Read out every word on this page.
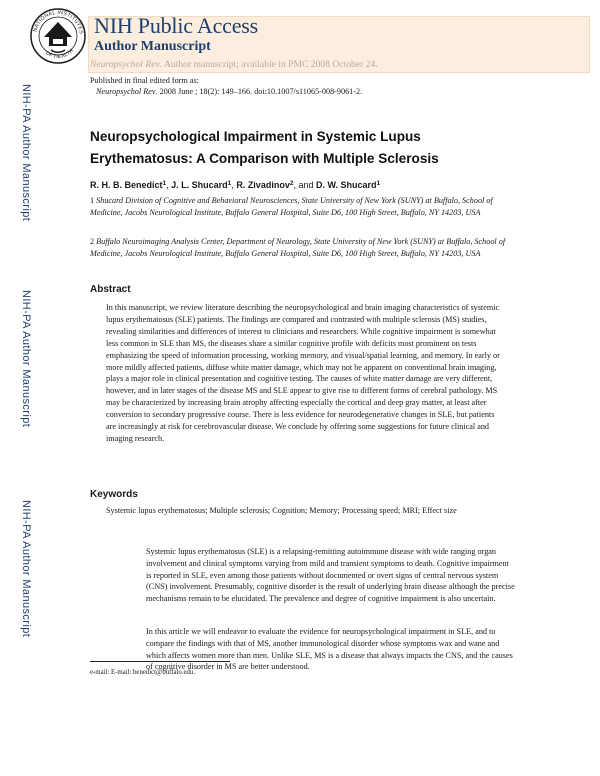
NATIONAL INSTITUTES
OF HEALTH
NIH Public Access
Author Manuscript
Neuropsychol Rev. Author manuscript; available in PMC 2008 October 24.
Published in final edited form as:
Neuropsychol Rev. 2008 June ; 18(2): 149–166. doi:10.1007/s11065-008-9061-2.
NIH-PA Author Manuscript
NIH-PA Author Manuscript
NIH-PA Author Manuscript
Neuropsychological Impairment in Systemic Lupus
Erythematosus: A Comparison with Multiple Sclerosis
R. H. B. Benedict$^1$, J. L. Shucard$^1$, R. Zivadinov$^2$, and D. W. Shucard$^1$
1 Shucard Division of Cognitive and Behavioral Neurosciences, State University of New York (SUNY) at Buffalo, School of Medicine, Jacobs Neurological Institute, Buffalo General Hospital, Suite D6, 100 High Street, Buffalo, NY 14203, USA
2 Buffalo Neuroimaging Analysis Center, Department of Neurology, State University of New York (SUNY) at Buffalo, School of Medicine, Jacobs Neurological Institute, Buffalo General Hospital, Suite D6, 100 High Street, Buffalo, NY 14203, USA
Abstract
In this manuscript, we review literature describing the neuropsychological and brain imaging characteristics of systemic lupus erythematosus (SLE) patients. The findings are compared and contrasted with multiple sclerosis (MS) studies, revealing similarities and differences of interest to clinicians and researchers. While cognitive impairment is somewhat less common in SLE than MS, the diseases share a similar cognitive profile with deficits most prominent on tests emphasizing the speed of information processing, working memory, and visual/spatial learning, and memory. In early or more mildly affected patients, diffuse white matter damage, which may not be apparent on conventional brain imaging, plays a major role in clinical presentation and cognitive testing. The causes of white matter damage are very different, however, and in later stages of the disease MS and SLE appear to give rise to different forms of cerebral pathology. MS may be characterized by increasing brain atrophy affecting especially the cortical and deep gray matter, at least after conversion to secondary progressive course. There is less evidence for neurodegenerative changes in SLE, but patients are increasingly at risk for cerebrovascular disease. We conclude by offering some suggestions for future clinical and imaging research.
Keywords
Systemic lupus erythematosus; Multiple sclerosis; Cognition; Memory; Processing speed; MRI; Effect size
Systemic lupus erythematosus (SLE) is a relapsing-remitting autoimmune disease with wide ranging organ involvement and clinical symptoms varying from mild and transient symptoms to death. Cognitive impairment is reported in SLE, even among those patients without documented or overt signs of central nervous system (CNS) involvement. Presumably, cognitive disorder is the result of underlying brain disease although the precise mechanisms remain to be elucidated. The prevalence and degree of cognitive impairment is also uncertain.
In this article we will endeavor to evaluate the evidence for neuropsychological impairment in SLE, and to compare the findings with that of MS, another immunological disorder whose symptoms wax and wane and which affects women more than men. Unlike SLE, MS is a disease that always impacts the CNS, and the causes of cognitive disorder in MS are better understood.
e-mail: E-mail: benedict@buffalo.edu.
